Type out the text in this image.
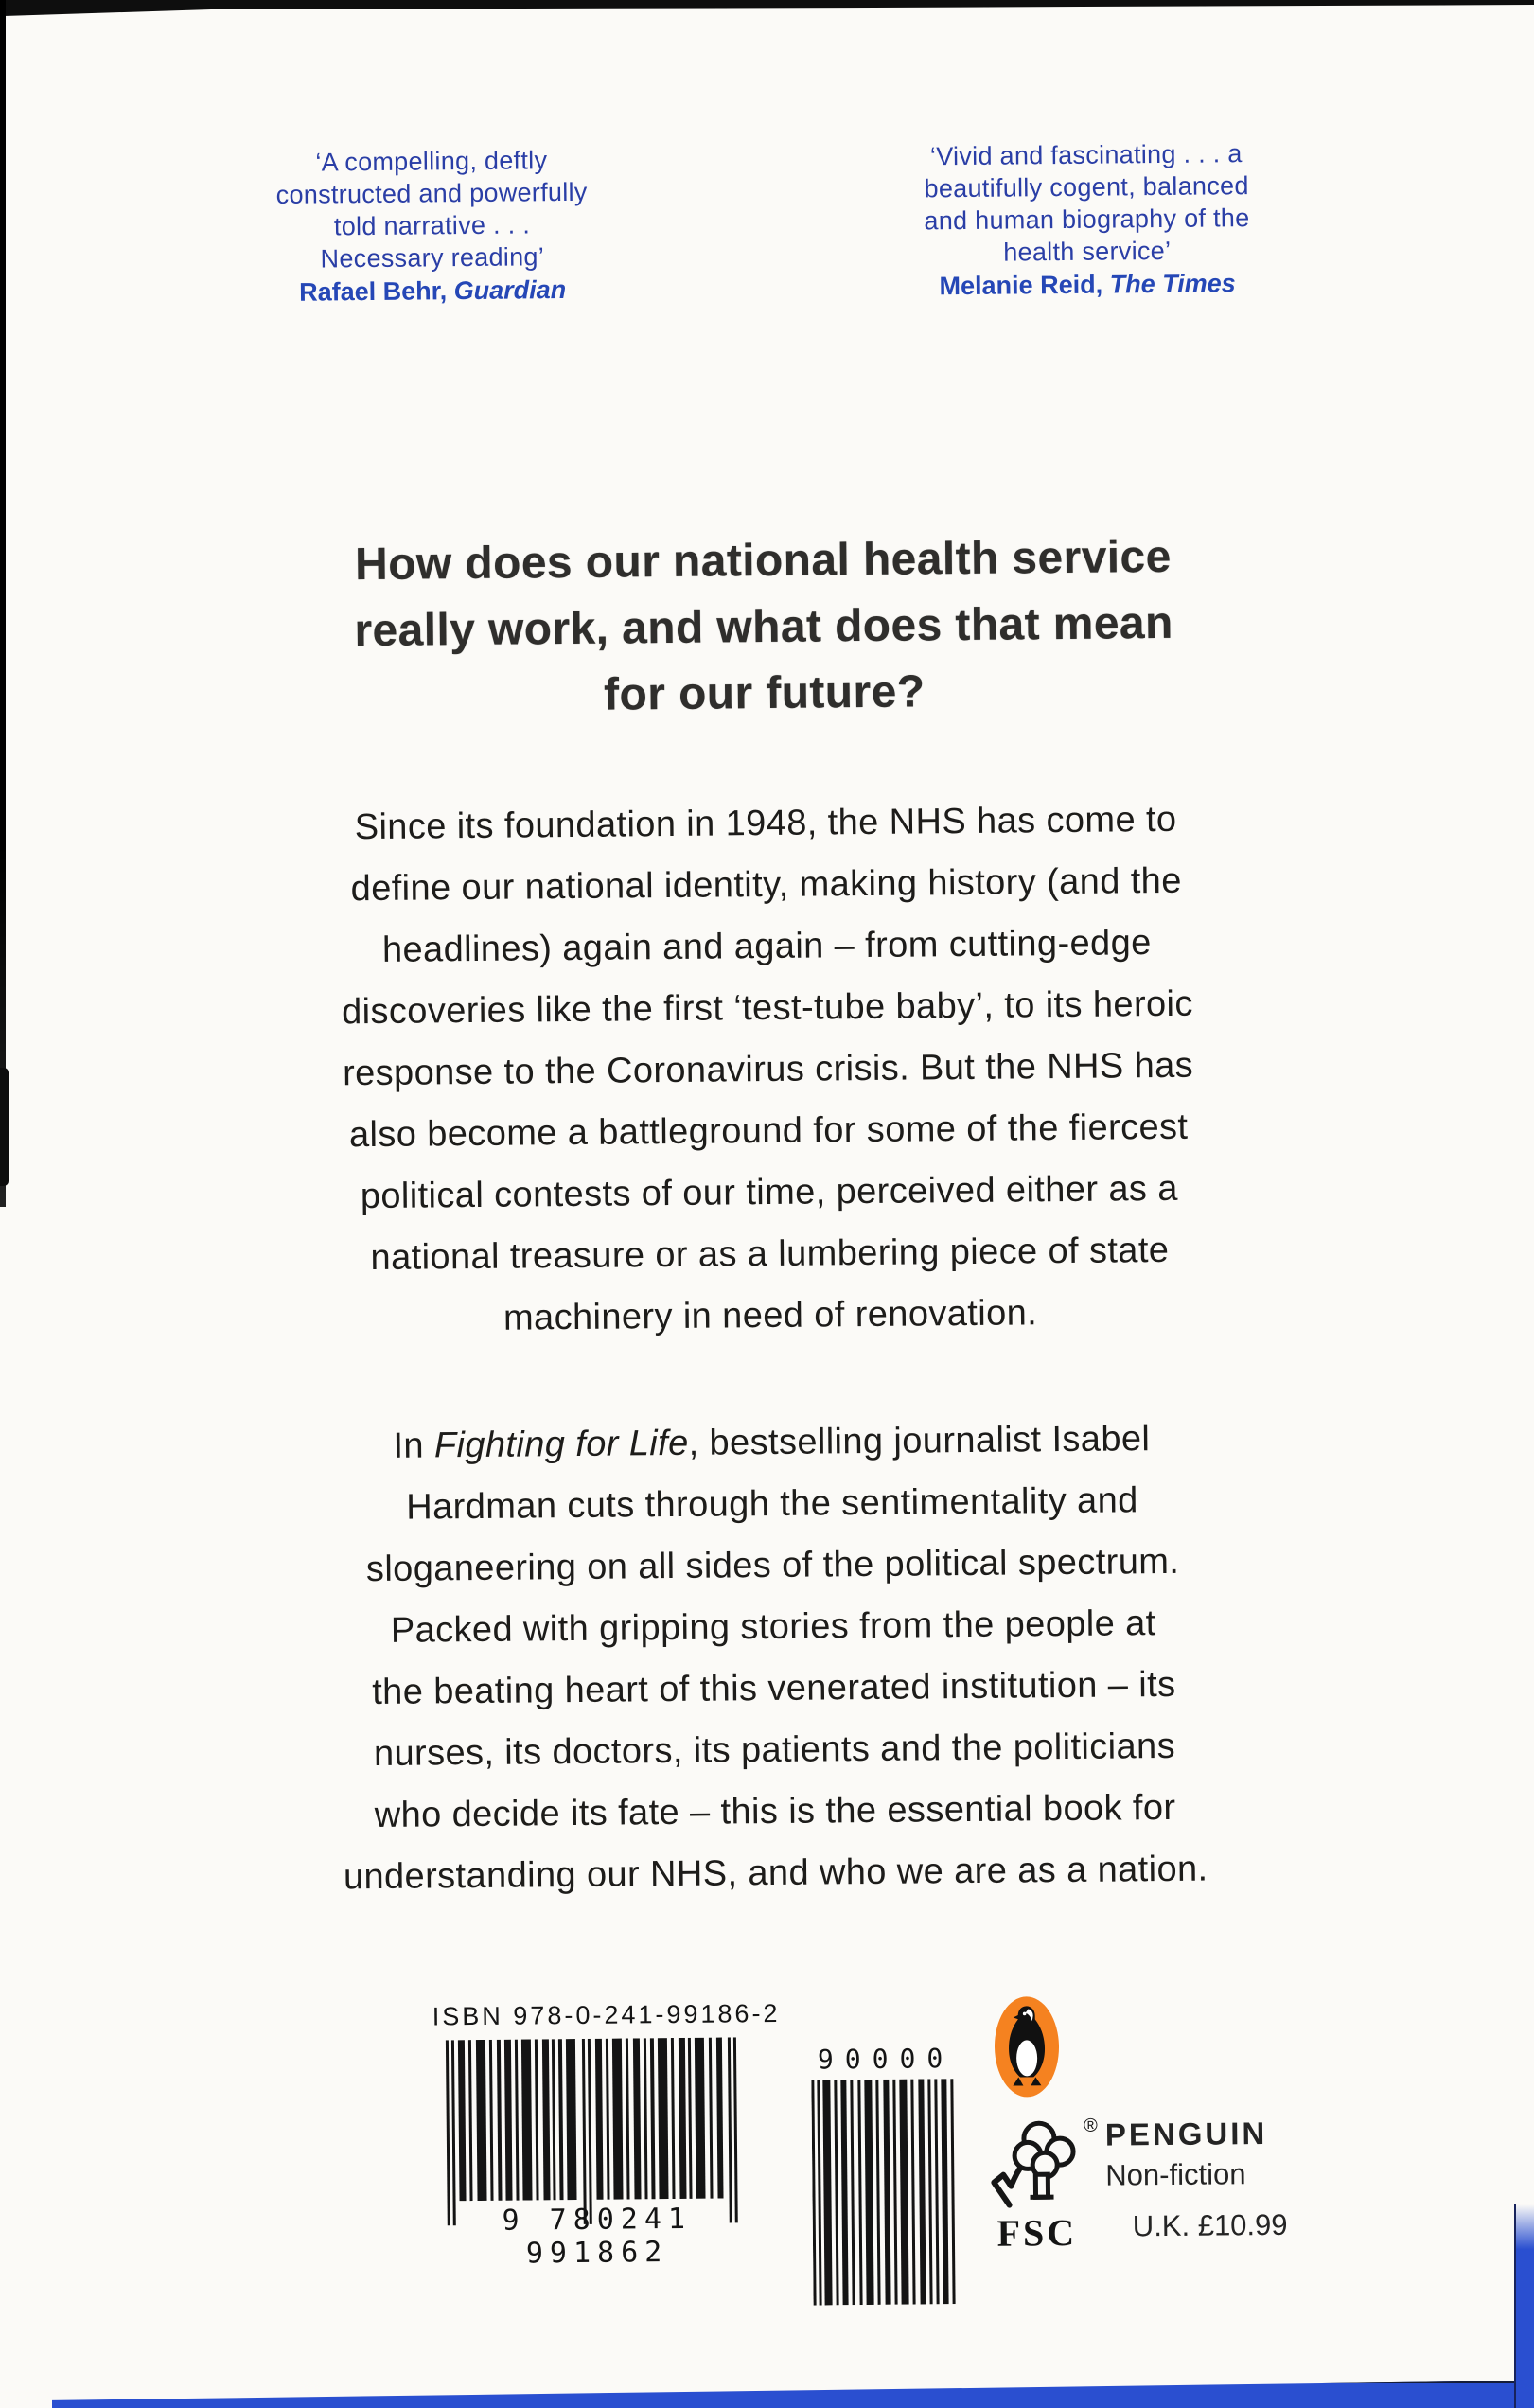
‘A compelling, deftly
constructed and powerfully
told narrative . . .
Necessary reading’
Rafael Behr, Guardian
‘Vivid and fascinating . . . a
beautifully cogent, balanced
and human biography of the
health service’
Melanie Reid, The Times
How does our national health service
really work, and what does that mean
for our future?

Since its foundation in 1948, the NHS has come to
define our national identity, making history (and the
headlines) again and again – from cutting-edge
discoveries like the first ‘test-tube baby’, to its heroic
response to the Coronavirus crisis. But the NHS has
also become a battleground for some of the fiercest
political contests of our time, perceived either as a
national treasure or as a lumbering piece of state
machinery in need of renovation.

In Fighting for Life, bestselling journalist Isabel
Hardman cuts through the sentimentality and
sloganeering on all sides of the political spectrum.
Packed with gripping stories from the people at
the beating heart of this venerated institution – its
nurses, its doctors, its patients and the politicians
who decide its fate – this is the essential book for
understanding our NHS, and who we are as a nation.

ISBN 978-0-241-99186-2
9 780241 991862
90000
®
FSC
PENGUIN
Non-fiction
U.K. £10.99
